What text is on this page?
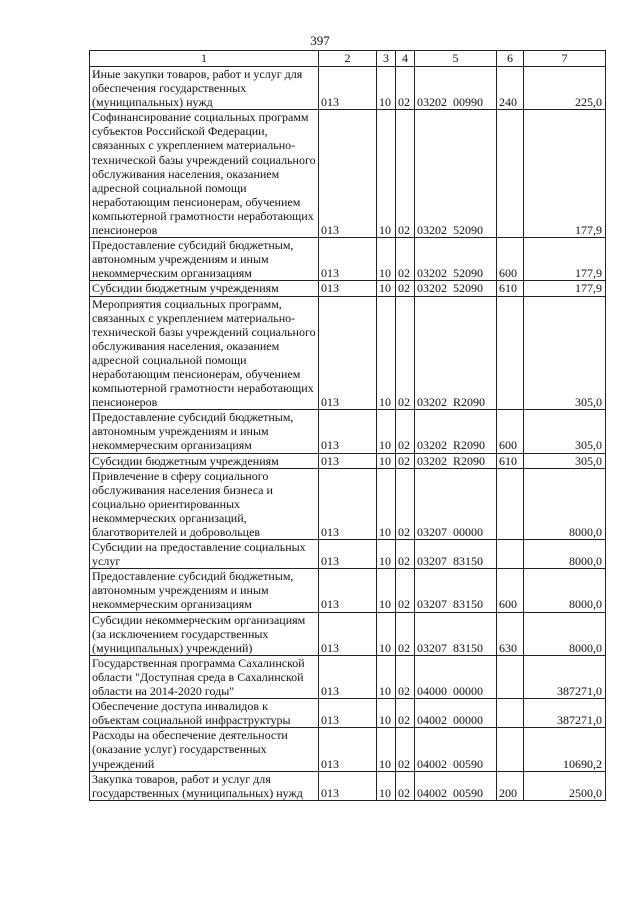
397
1	2	3	4	5	6	7
Иные закупки товаров, работ и услуг для обеспечения государственных (муниципальных) нужд	013	10	02	03202  00990	240	225,0
Софинансирование социальных программ субъектов Российской Федерации, связанных с укреплением материально-технической базы учреждений социального обслуживания населения, оказанием адресной социальной помощи неработающим пенсионерам, обучением компьютерной грамотности неработающих пенсионеров	013	10	02	03202  52090		177,9
Предоставление субсидий бюджетным, автономным учреждениям и иным некоммерческим организациям	013	10	02	03202  52090	600	177,9
Субсидии бюджетным учреждениям	013	10	02	03202  52090	610	177,9
Мероприятия социальных программ, связанных с укреплением материально-технической базы учреждений социального обслуживания населения, оказанием адресной социальной помощи неработающим пенсионерам, обучением компьютерной грамотности неработающих пенсионеров	013	10	02	03202  R2090		305,0
Предоставление субсидий бюджетным, автономным учреждениям и иным некоммерческим организациям	013	10	02	03202  R2090	600	305,0
Субсидии бюджетным учреждениям	013	10	02	03202  R2090	610	305,0
Привлечение в сферу социального обслуживания населения бизнеса и социально ориентированных некоммерческих организаций, благотворителей и добровольцев	013	10	02	03207  00000		8000,0
Субсидии на предоставление социальных услуг	013	10	02	03207  83150		8000,0
Предоставление субсидий бюджетным, автономным учреждениям и иным некоммерческим организациям	013	10	02	03207  83150	600	8000,0
Субсидии некоммерческим организациям (за исключением государственных (муниципальных) учреждений)	013	10	02	03207  83150	630	8000,0
Государственная программа Сахалинской области "Доступная среда в Сахалинской области на 2014-2020 годы"	013	10	02	04000  00000		387271,0
Обеспечение доступа инвалидов к объектам социальной инфраструктуры	013	10	02	04002  00000		387271,0
Расходы на обеспечение деятельности (оказание услуг) государственных учреждений	013	10	02	04002  00590		10690,2
Закупка товаров, работ и услуг для государственных (муниципальных) нужд	013	10	02	04002  00590	200	2500,0
